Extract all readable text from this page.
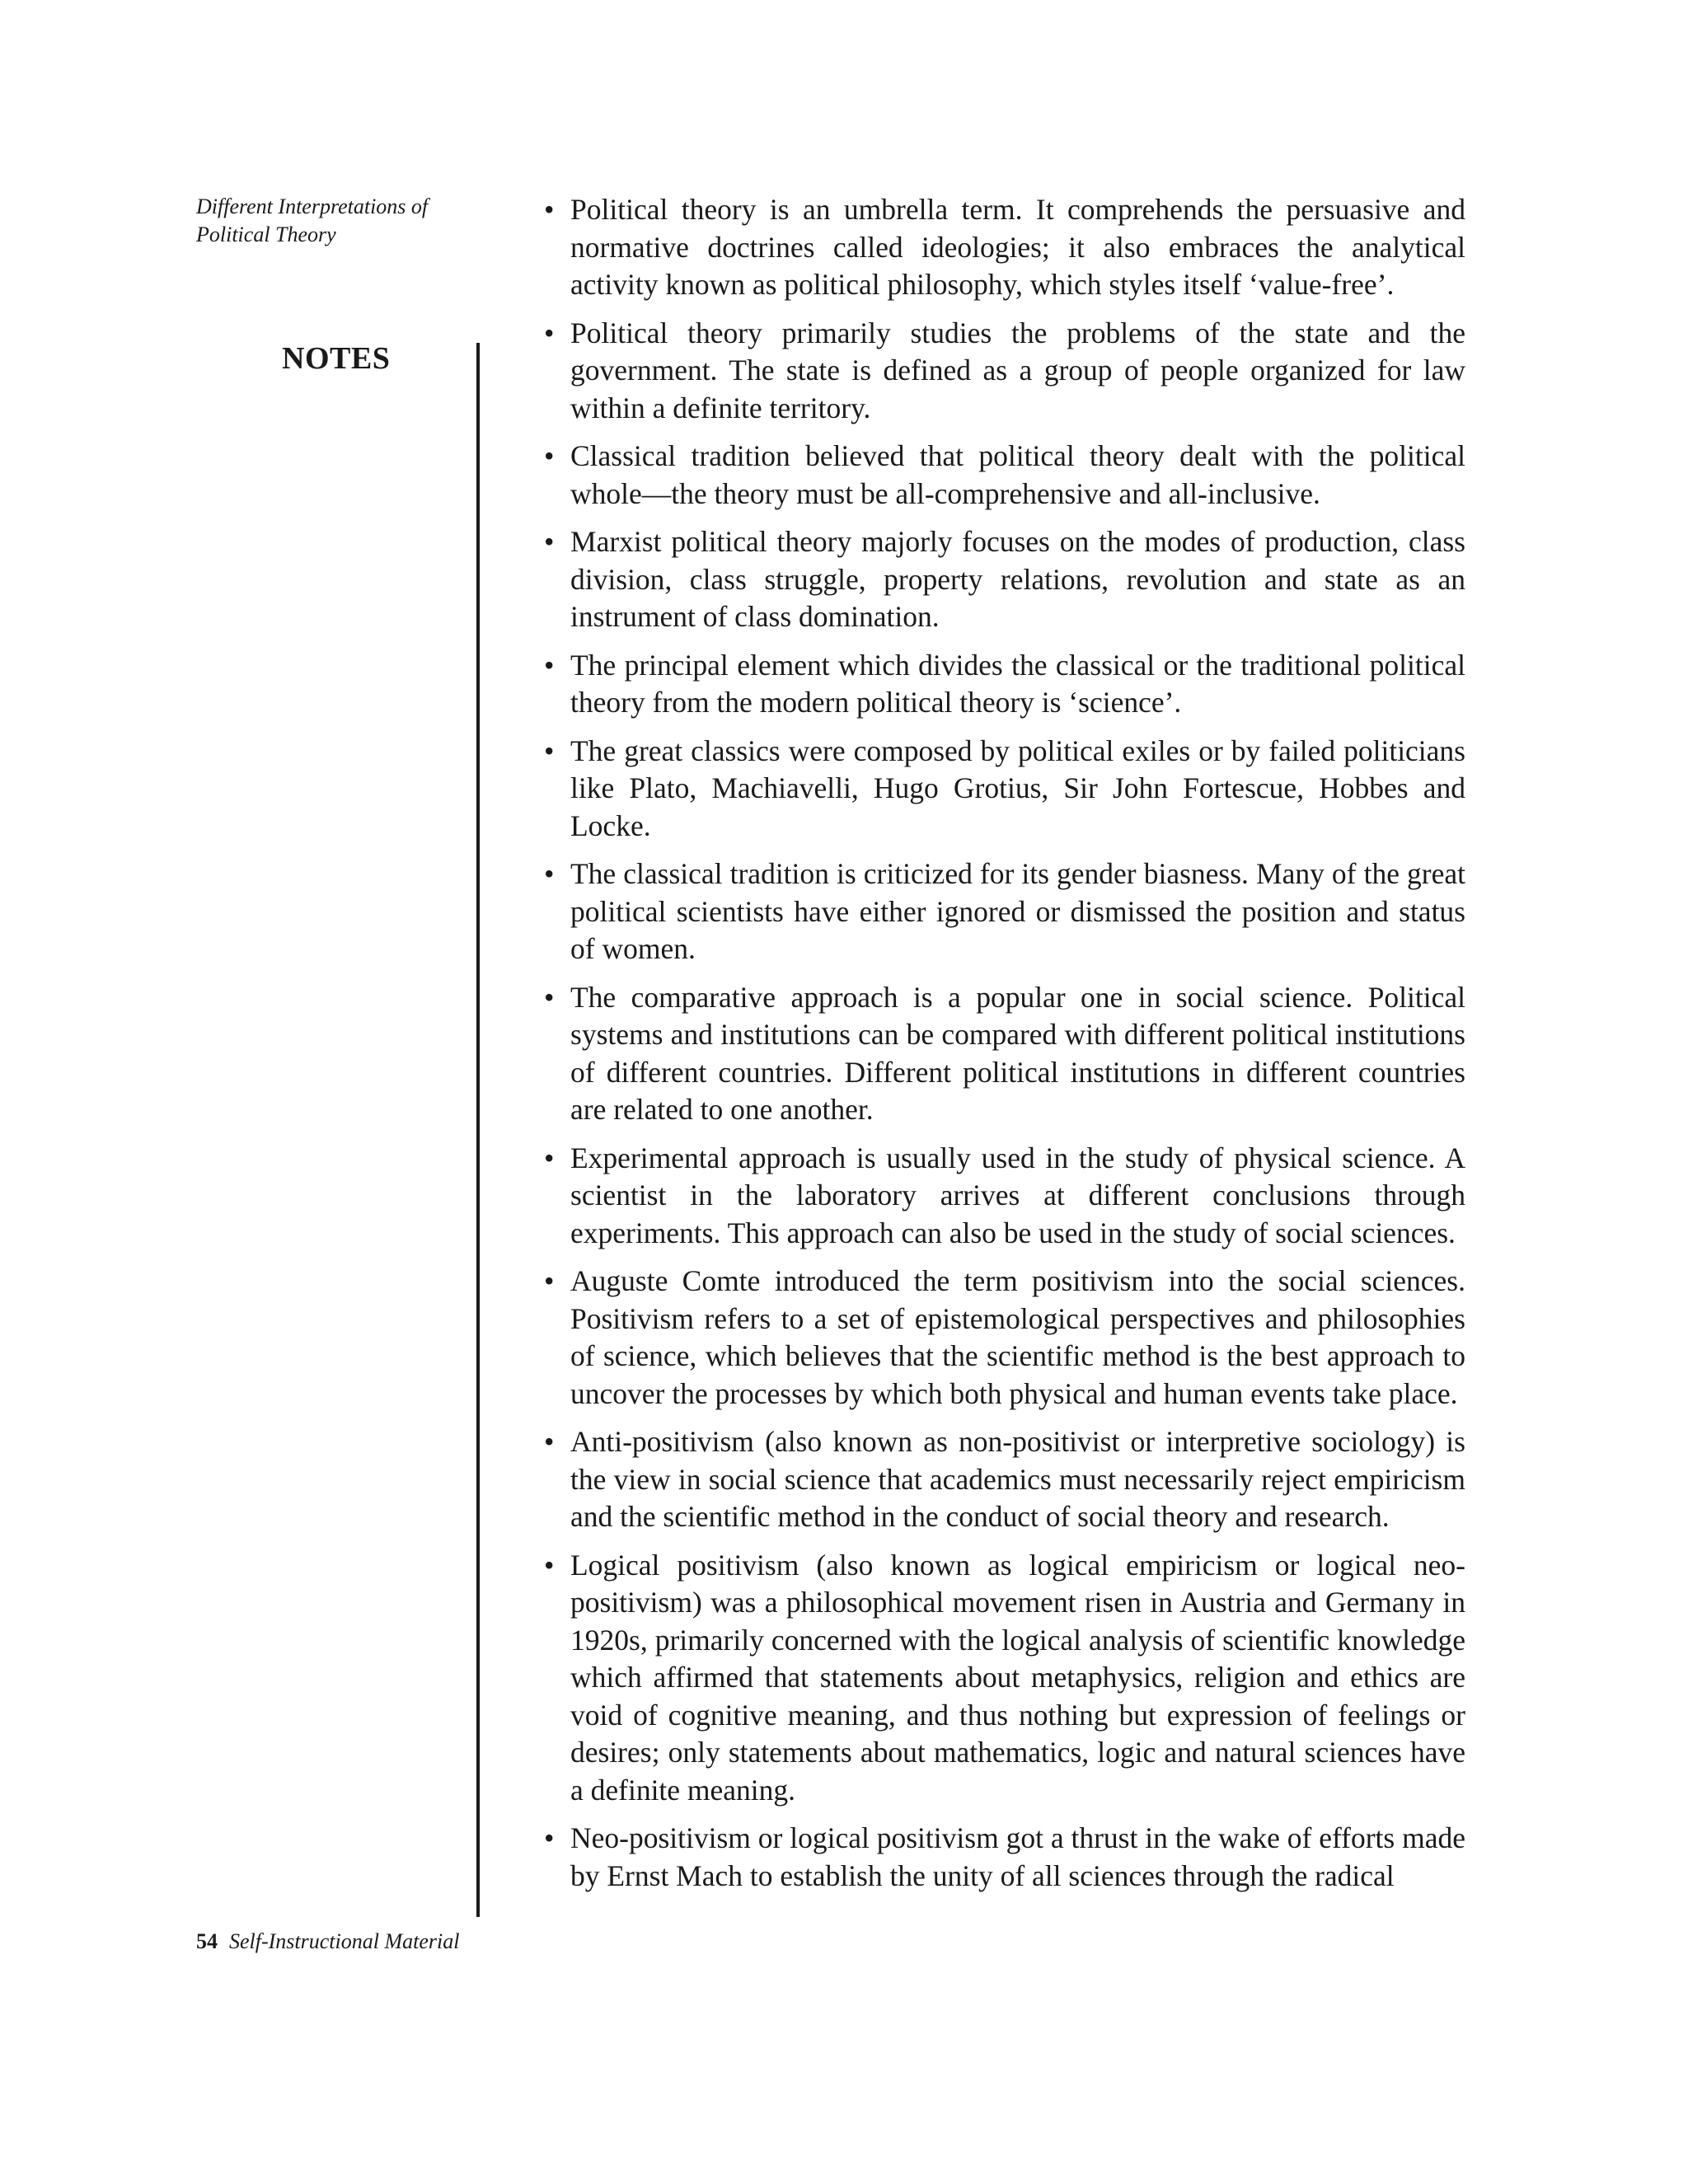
Different Interpretations of
Political Theory
NOTES
• Political theory is an umbrella term. It comprehends the persuasive and normative doctrines called ideologies; it also embraces the analytical activity known as political philosophy, which styles itself ‘value-free’.
• Political theory primarily studies the problems of the state and the government. The state is defined as a group of people organized for law within a definite territory.
• Classical tradition believed that political theory dealt with the political whole—the theory must be all-comprehensive and all-inclusive.
• Marxist political theory majorly focuses on the modes of production, class division, class struggle, property relations, revolution and state as an instrument of class domination.
• The principal element which divides the classical or the traditional political theory from the modern political theory is ‘science’.
• The great classics were composed by political exiles or by failed politicians like Plato, Machiavelli, Hugo Grotius, Sir John Fortescue, Hobbes and Locke.
• The classical tradition is criticized for its gender biasness. Many of the great political scientists have either ignored or dismissed the position and status of women.
• The comparative approach is a popular one in social science. Political systems and institutions can be compared with different political institutions of different countries. Different political institutions in different countries are related to one another.
• Experimental approach is usually used in the study of physical science. A scientist in the laboratory arrives at different conclusions through experiments. This approach can also be used in the study of social sciences.
• Auguste Comte introduced the term positivism into the social sciences. Positivism refers to a set of epistemological perspectives and philosophies of science, which believes that the scientific method is the best approach to uncover the processes by which both physical and human events take place.
• Anti-positivism (also known as non-positivist or interpretive sociology) is the view in social science that academics must necessarily reject empiricism and the scientific method in the conduct of social theory and research.
• Logical positivism (also known as logical empiricism or logical neo-positivism) was a philosophical movement risen in Austria and Germany in 1920s, primarily concerned with the logical analysis of scientific knowledge which affirmed that statements about metaphysics, religion and ethics are void of cognitive meaning, and thus nothing but expression of feelings or desires; only statements about mathematics, logic and natural sciences have a definite meaning.
• Neo-positivism or logical positivism got a thrust in the wake of efforts made by Ernst Mach to establish the unity of all sciences through the radical
54 Self-Instructional Material
